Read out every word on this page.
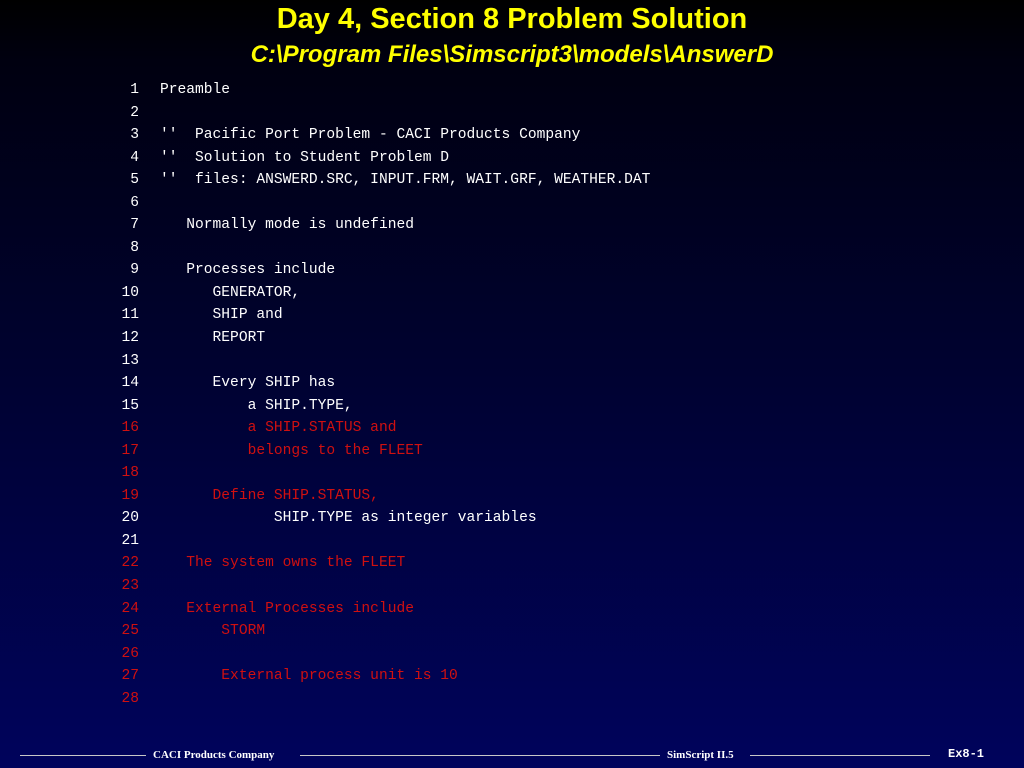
Day 4, Section 8 Problem Solution
C:\Program Files\Simscript3\models\AnswerD
1 Preamble
2
3 ''  Pacific Port Problem - CACI Products Company
4 ''  Solution to Student Problem D
5 ''  files: ANSWERD.SRC, INPUT.FRM, WAIT.GRF, WEATHER.DAT
6
7 Normally mode is undefined
8
9 Processes include
10 GENERATOR,
11 SHIP and
12 REPORT
13
14 Every SHIP has
15 a SHIP.TYPE,
16 a SHIP.STATUS and
17 belongs to the FLEET
18
19 Define SHIP.STATUS,
20 SHIP.TYPE as integer variables
21
22 The system owns the FLEET
23
24 External Processes include
25 STORM
26
27 External process unit is 10
28
CACI Products Company	SimScript II.5	Ex8-1
